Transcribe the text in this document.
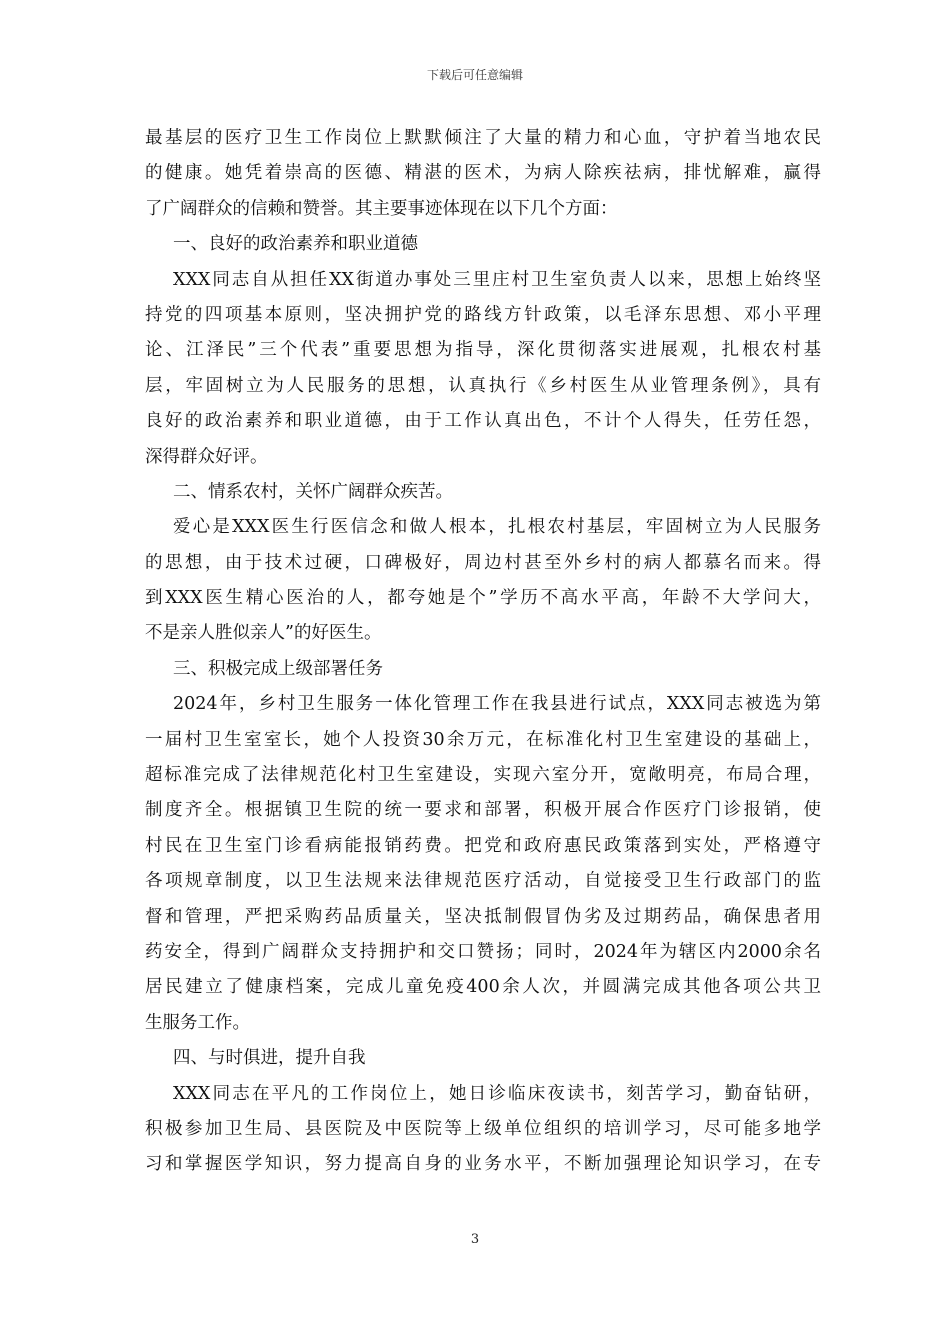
下载后可任意编辑
最基层的医疗卫生工作岗位上默默倾注了大量的精力和心血，守护着当地农民
的健康。她凭着崇高的医德、精湛的医术，为病人除疾祛病，排忧解难，赢得
了广阔群众的信赖和赞誉。其主要事迹体现在以下几个方面：
一、良好的政治素养和职业道德
XXX同志自从担任XX街道办事处三里庄村卫生室负责人以来，思想上始终坚
持党的四项基本原则，坚决拥护党的路线方针政策，以毛泽东思想、邓小平理
论、江泽民”三个代表”重要思想为指导，深化贯彻落实进展观，扎根农村基
层，牢固树立为人民服务的思想，认真执行《乡村医生从业管理条例》，具有
良好的政治素养和职业道德，由于工作认真出色，不计个人得失，任劳任怨，
深得群众好评。
二、情系农村，关怀广阔群众疾苦。
爱心是XXX医生行医信念和做人根本，扎根农村基层，牢固树立为人民服务
的思想，由于技术过硬，口碑极好，周边村甚至外乡村的病人都慕名而来。得
到XXX医生精心医治的人，都夸她是个”学历不高水平高，年龄不大学问大，
不是亲人胜似亲人”的好医生。
三、积极完成上级部署任务
2024年，乡村卫生服务一体化管理工作在我县进行试点，XXX同志被选为第
一届村卫生室室长，她个人投资30余万元，在标准化村卫生室建设的基础上，
超标准完成了法律规范化村卫生室建设，实现六室分开，宽敞明亮，布局合理，
制度齐全。根据镇卫生院的统一要求和部署，积极开展合作医疗门诊报销，使
村民在卫生室门诊看病能报销药费。把党和政府惠民政策落到实处，严格遵守
各项规章制度，以卫生法规来法律规范医疗活动，自觉接受卫生行政部门的监
督和管理，严把采购药品质量关，坚决抵制假冒伪劣及过期药品，确保患者用
药安全，得到广阔群众支持拥护和交口赞扬；同时，2024年为辖区内2000余名
居民建立了健康档案，完成儿童免疫400余人次，并圆满完成其他各项公共卫
生服务工作。
四、与时俱进，提升自我
XXX同志在平凡的工作岗位上，她日诊临床夜读书，刻苦学习，勤奋钻研，
积极参加卫生局、县医院及中医院等上级单位组织的培训学习，尽可能多地学
习和掌握医学知识，努力提高自身的业务水平，不断加强理论知识学习，在专
3
